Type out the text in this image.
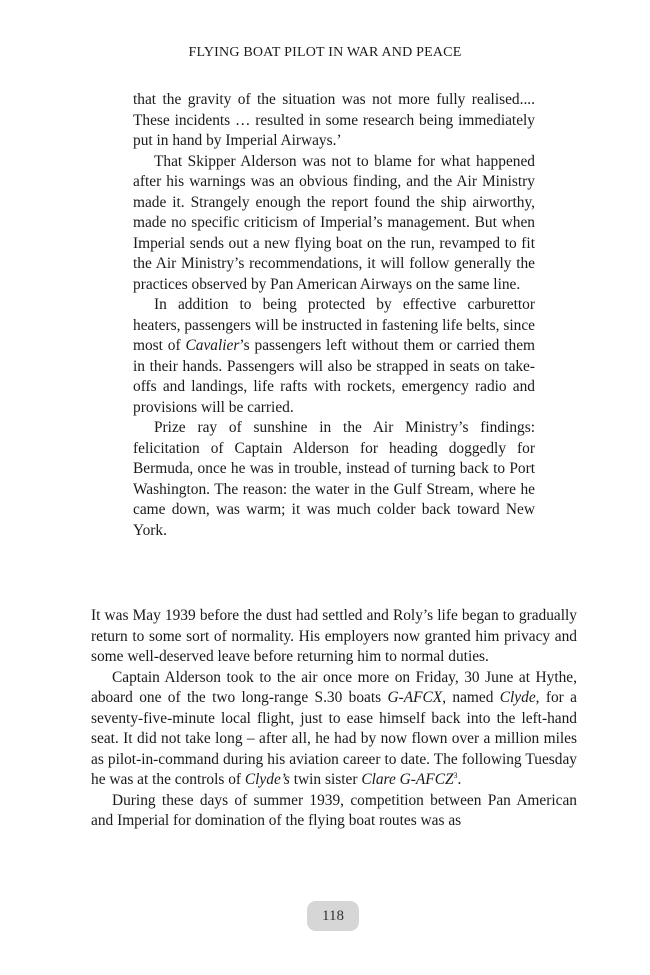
FLYING BOAT PILOT IN WAR AND PEACE

that the gravity of the situation was not more fully realised.... These incidents … resulted in some research being immediately put in hand by Imperial Airways.’

That Skipper Alderson was not to blame for what happened after his warnings was an obvious finding, and the Air Ministry made it. Strangely enough the report found the ship airworthy, made no specific criticism of Imperial’s management. But when Imperial sends out a new flying boat on the run, revamped to fit the Air Ministry’s recommendations, it will follow generally the practices observed by Pan American Airways on the same line.

In addition to being protected by effective carburettor heaters, passengers will be instructed in fastening life belts, since most of Cavalier’s passengers left without them or carried them in their hands. Passengers will also be strapped in seats on take-offs and landings, life rafts with rockets, emergency radio and provisions will be carried.

Prize ray of sunshine in the Air Ministry’s findings: felicitation of Captain Alderson for heading doggedly for Bermuda, once he was in trouble, instead of turning back to Port Washington. The reason: the water in the Gulf Stream, where he came down, was warm; it was much colder back toward New York.

It was May 1939 before the dust had settled and Roly’s life began to gradually return to some sort of normality. His employers now granted him privacy and some well-deserved leave before returning him to normal duties.

Captain Alderson took to the air once more on Friday, 30 June at Hythe, aboard one of the two long-range S.30 boats G-AFCX, named Clyde, for a seventy-five-minute local flight, just to ease himself back into the left-hand seat. It did not take long – after all, he had by now flown over a million miles as pilot-in-command during his aviation career to date. The following Tuesday he was at the controls of Clyde’s twin sister Clare G-AFCZ$^3$.

During these days of summer 1939, competition between Pan American and Imperial for domination of the flying boat routes was as

118
